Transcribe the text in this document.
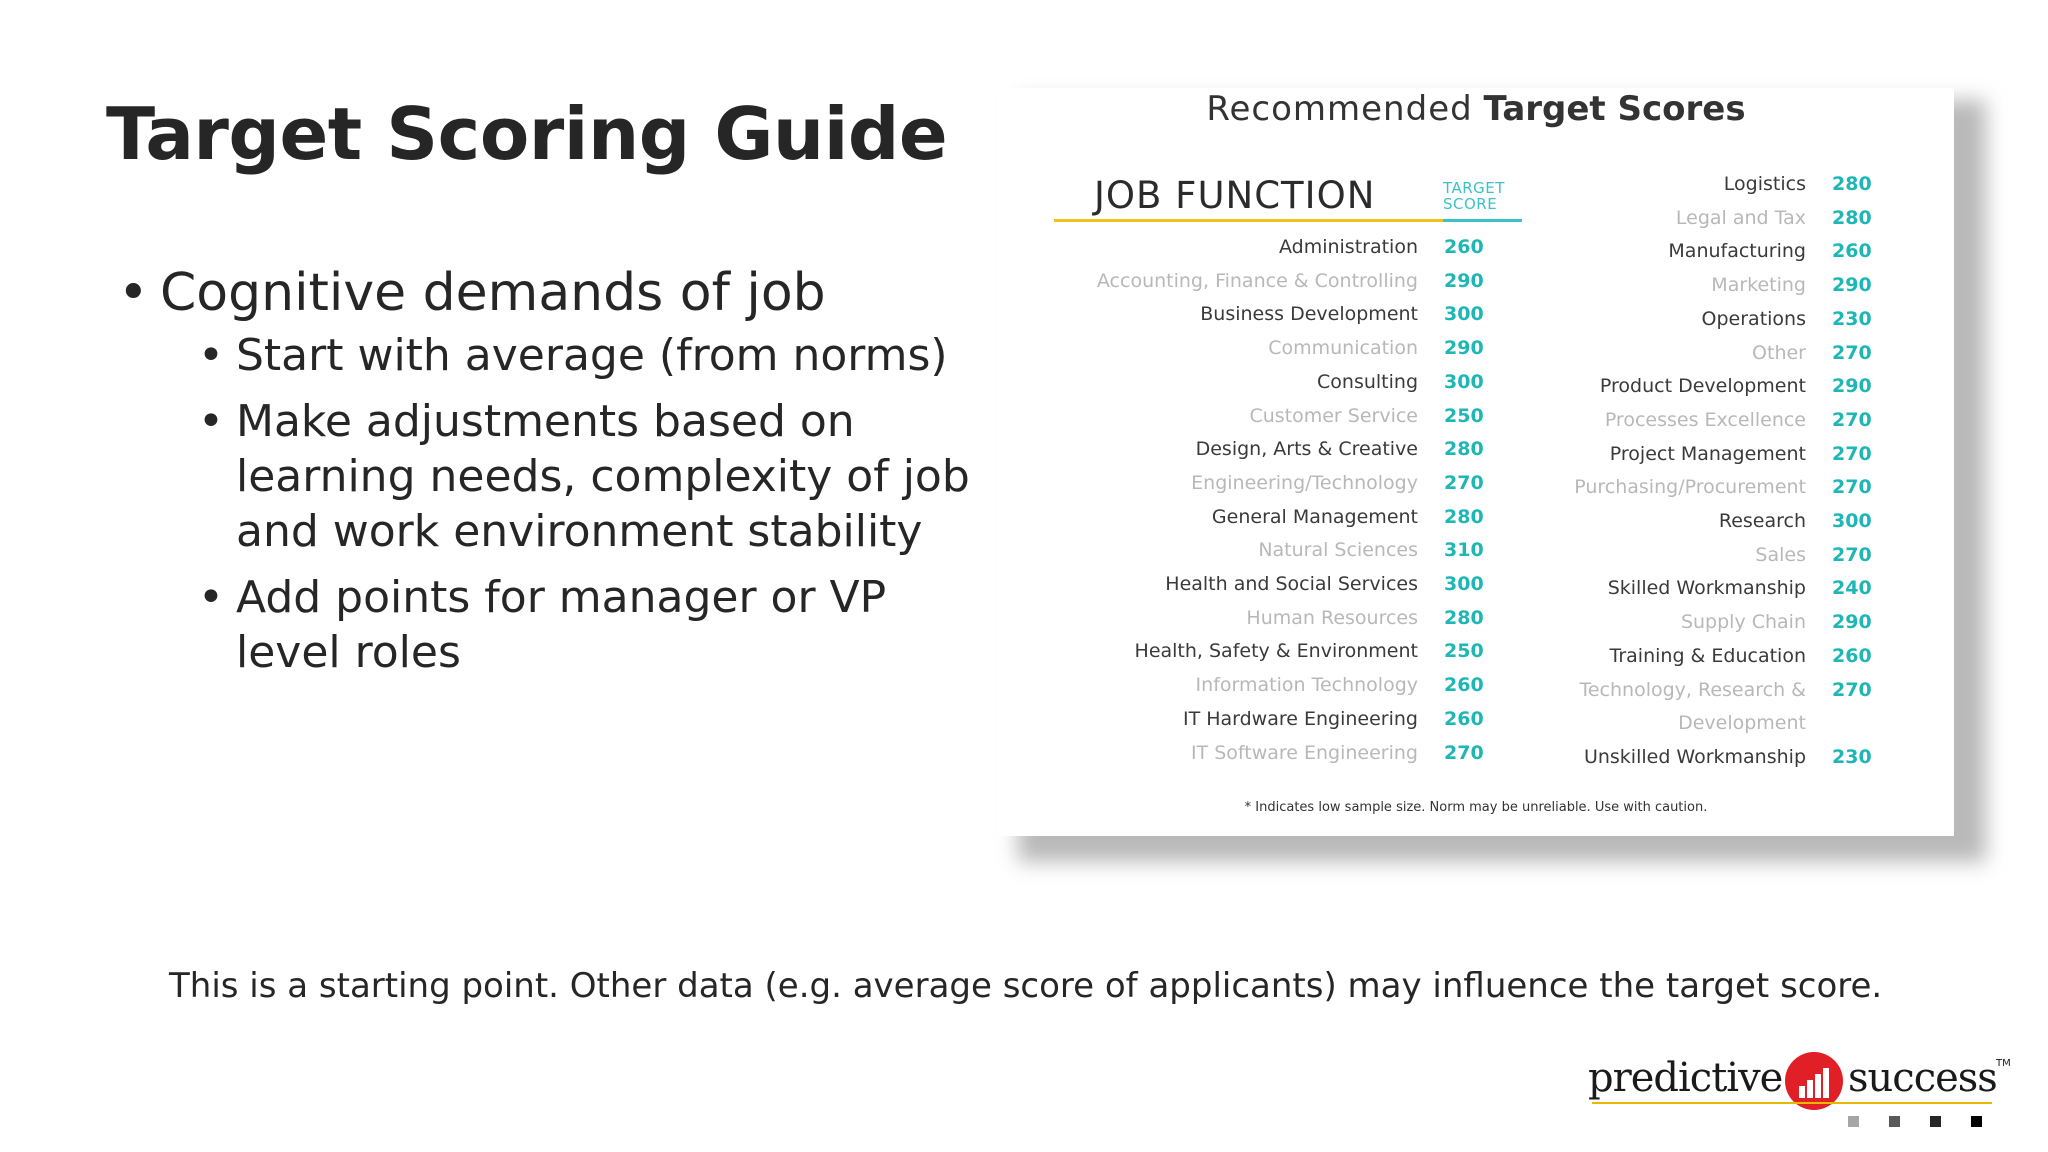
Target Scoring Guide
• Cognitive demands of job
• Start with average (from norms)
• Make adjustments based on learning needs, complexity of job and work environment stability
• Add points for manager or VP level roles
Recommended Target Scores
JOB FUNCTION	TARGET
SCORE
Administration 260
Accounting, Finance & Controlling 290
Business Development 300
Communication 290
Consulting 300
Customer Service 250
Design, Arts & Creative 280
Engineering/Technology 270
General Management 280
Natural Sciences 310
Health and Social Services 300
Human Resources 280
Health, Safety & Environment 250
Information Technology 260
IT Hardware Engineering 260
IT Software Engineering 270
Logistics 280
Legal and Tax 280
Manufacturing 260
Marketing 290
Operations 230
Other 270
Product Development 290
Processes Excellence 270
Project Management 270
Purchasing/Procurement 270
Research 300
Sales 270
Skilled Workmanship 240
Supply Chain 290
Training & Education 260
Technology, Research & 270
Development
Unskilled Workmanship 230
* Indicates low sample size. Norm may be unreliable. Use with caution.
This is a starting point. Other data (e.g. average score of applicants) may influence the target score.
predictive success TM
